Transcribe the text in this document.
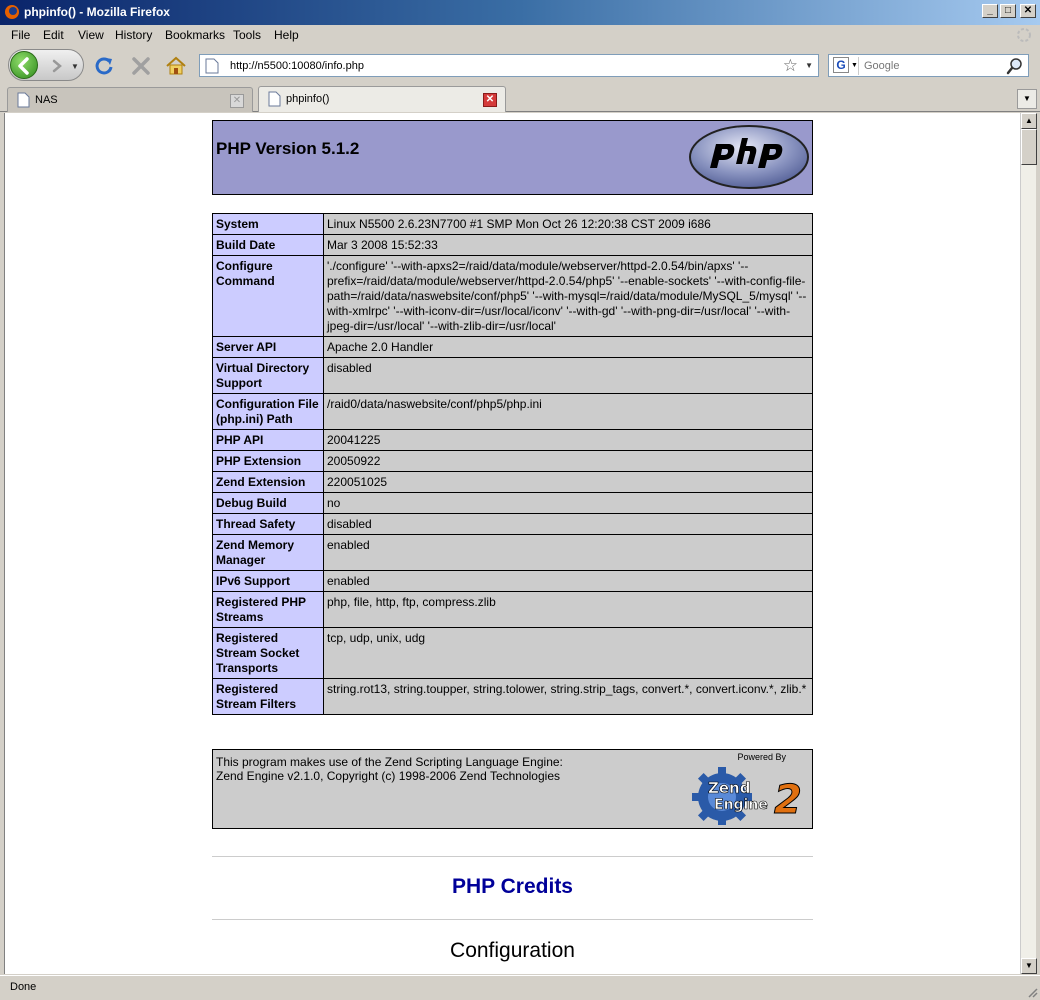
phpinfo() - Mozilla Firefox	_	□	✕
File Edit View History Bookmarks Tools Help
▼
http://n5500:10080/info.php	☆ ▼ G ▼
Google
NAS	✕	phpinfo()	✕	▼
PHP Version 5.1.2
System	Linux N5500 2.6.23N7700 #1 SMP Mon Oct 26 12:20:38 CST 2009 i686
Build Date	Mar 3 2008 15:52:33
Configure Command	'./configure' '--with-apxs2=/raid/data/module/webserver/httpd-2.0.54/bin/apxs' '--prefix=/raid/data/module/webserver/httpd-2.0.54/php5' '--enable-sockets' '--with-config-file-path=/raid/data/naswebsite/conf/php5' '--with-mysql=/raid/data/module/MySQL_5/mysql' '--with-xmlrpc' '--with-iconv-dir=/usr/local/iconv' '--with-gd' '--with-png-dir=/usr/local' '--with-jpeg-dir=/usr/local' '--with-zlib-dir=/usr/local'
Server API	Apache 2.0 Handler
Virtual Directory Support	disabled
Configuration File (php.ini) Path	/raid0/data/naswebsite/conf/php5/php.ini
PHP API	20041225
PHP Extension	20050922
Zend Extension	220051025
Debug Build	no
Thread Safety	disabled
Zend Memory Manager	enabled
IPv6 Support	enabled
Registered PHP Streams	php, file, http, ftp, compress.zlib
Registered Stream Socket Transports	tcp, udp, unix, udg
Registered Stream Filters	string.rot13, string.toupper, string.tolower, string.strip_tags, convert.*, convert.iconv.*, zlib.*
This program makes use of the Zend Scripting Language Engine:
Zend Engine v2.1.0, Copyright (c) 1998-2006 Zend Technologies
Powered By
Zend
Engine 2
PHP Credits
Configuration
▲
▼
Done
